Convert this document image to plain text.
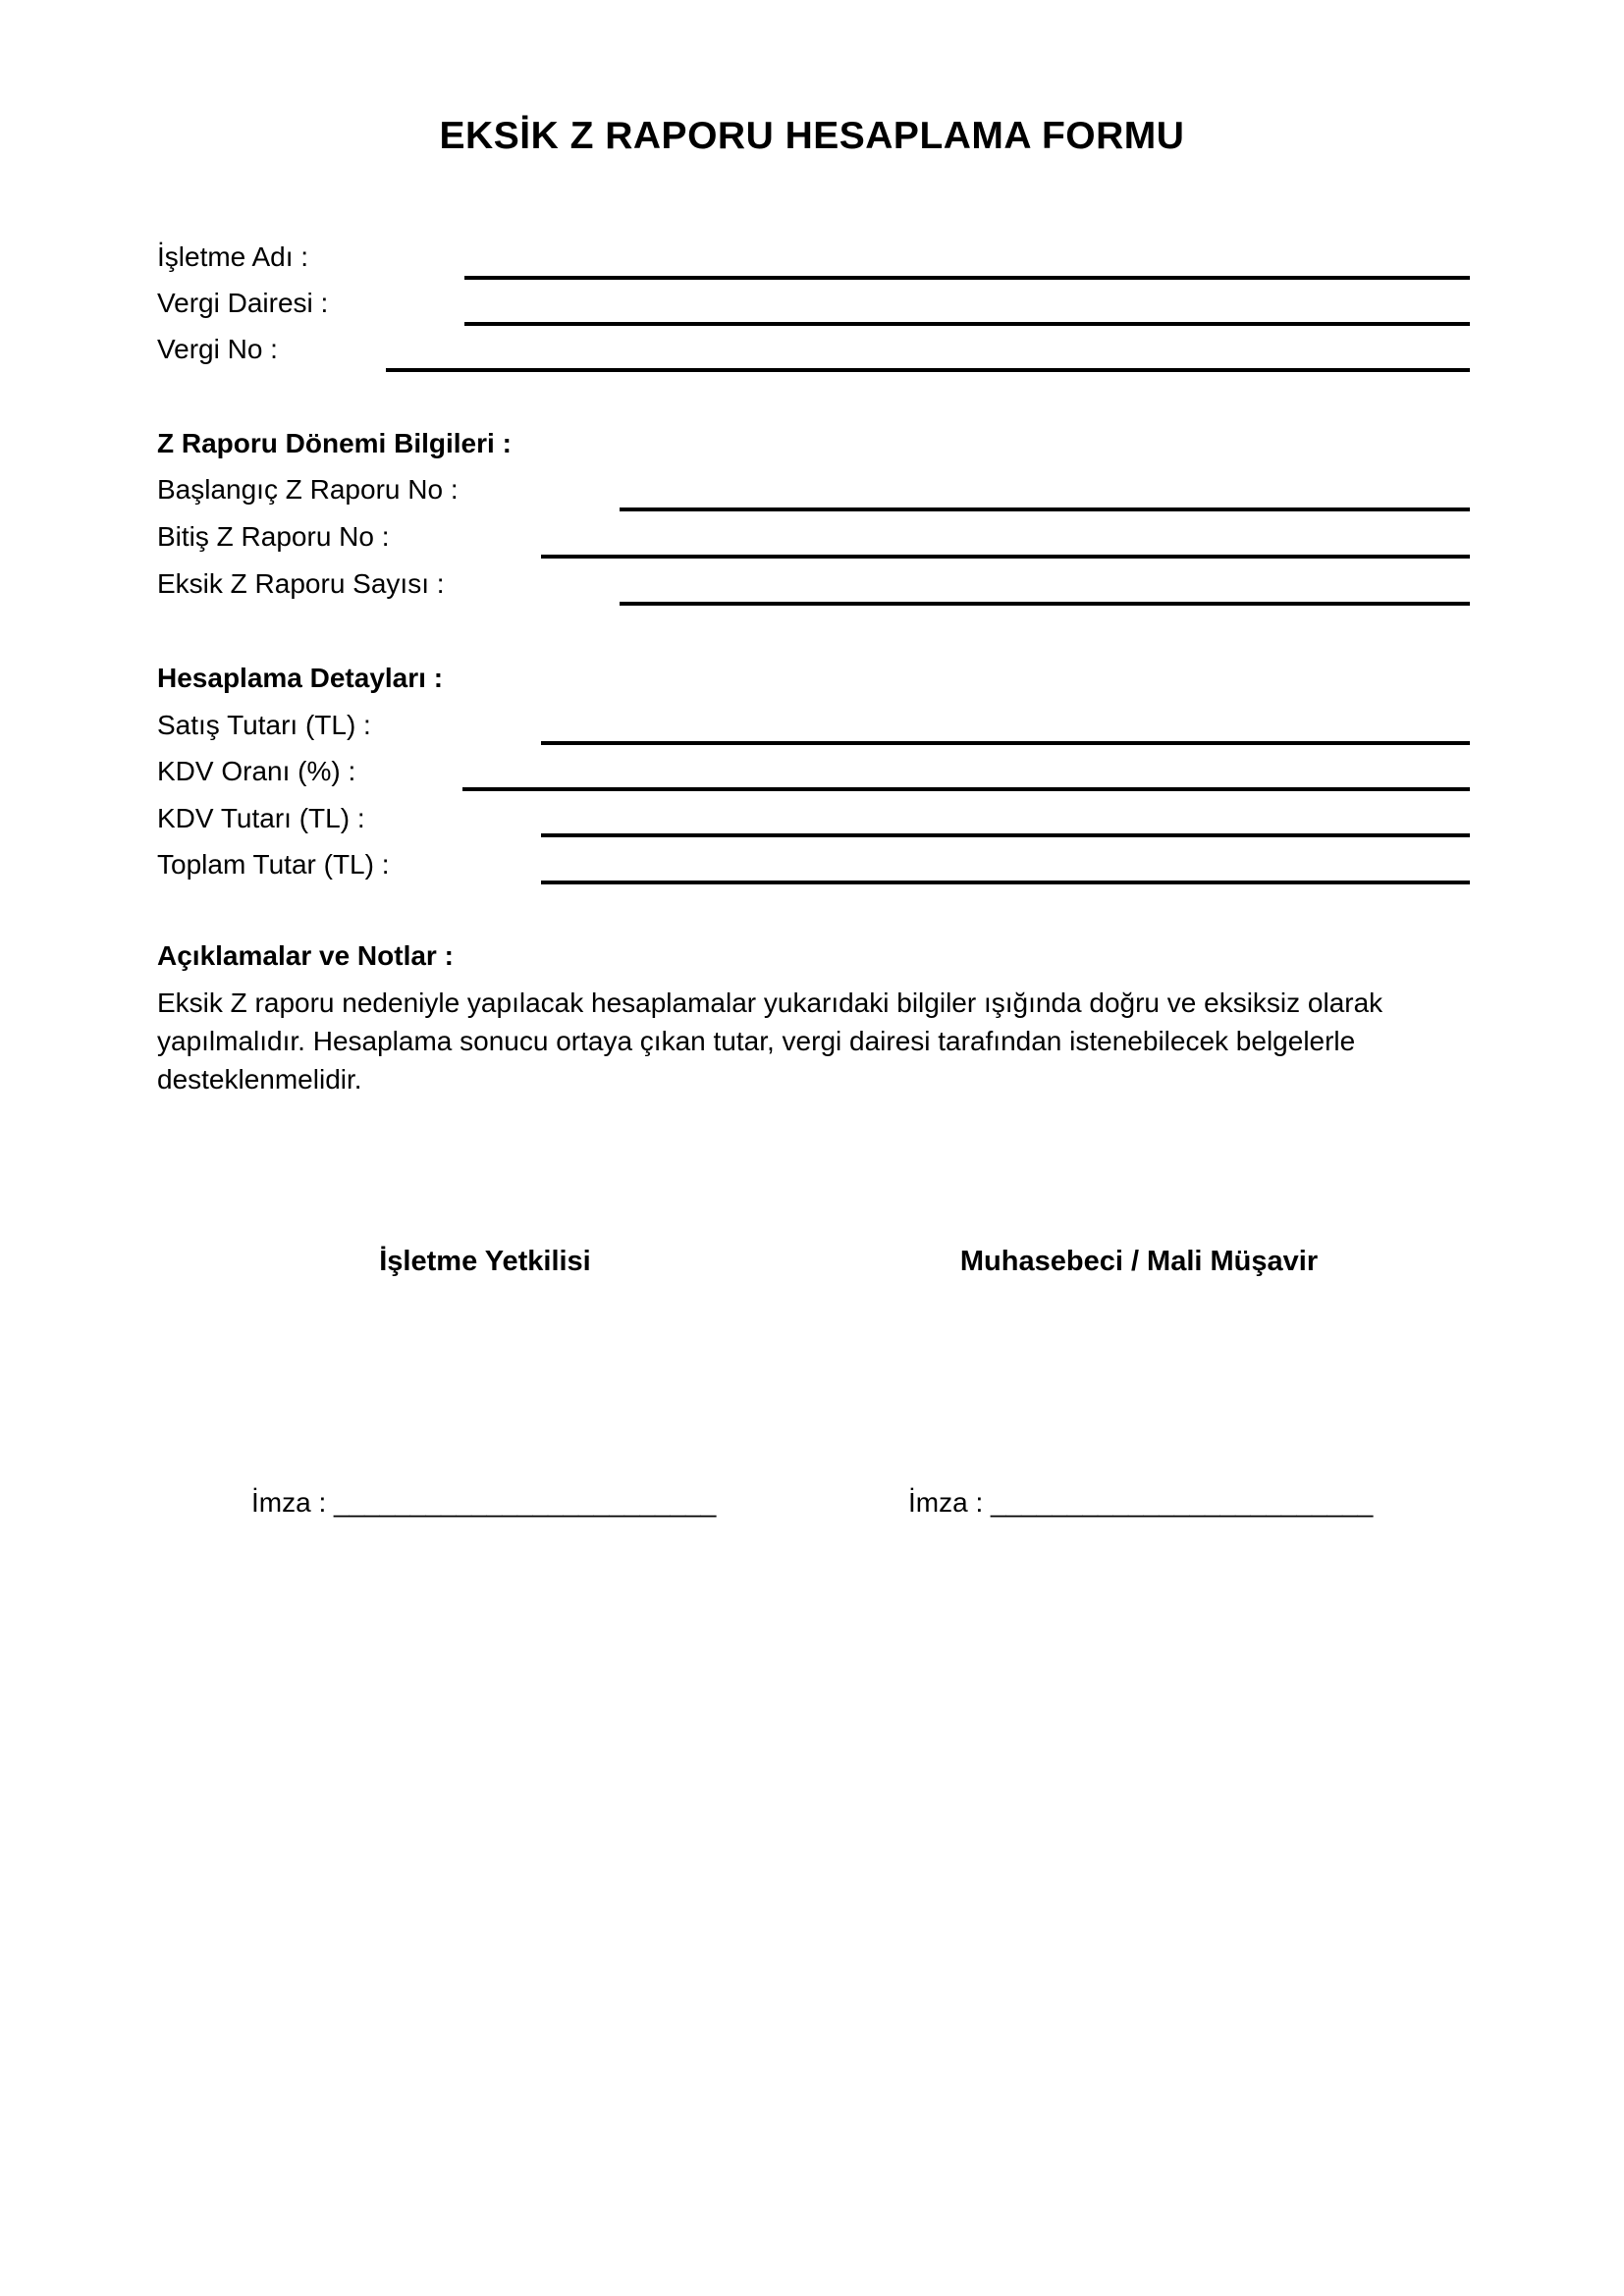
EKSİK Z RAPORU HESAPLAMA FORMU
İşletme Adı :
Vergi Dairesi :
Vergi No :
Z Raporu Dönemi Bilgileri :
Başlangıç Z Raporu No :
Bitiş Z Raporu No :
Eksik Z Raporu Sayısı :
Hesaplama Detayları :
Satış Tutarı (TL) :
KDV Oranı (%) :
KDV Tutarı (TL) :
Toplam Tutar (TL) :
Açıklamalar ve Notlar :
Eksik Z raporu nedeniyle yapılacak hesaplamalar yukarıdaki bilgiler ışığında doğru ve eksiksiz olarak
yapılmalıdır. Hesaplama sonucu ortaya çıkan tutar, vergi dairesi tarafından istenebilecek belgelerle
desteklenmelidir.
İşletme Yetkilisi	Muhasebeci / Mali Müşavir
İmza : _________________________	İmza : _________________________
